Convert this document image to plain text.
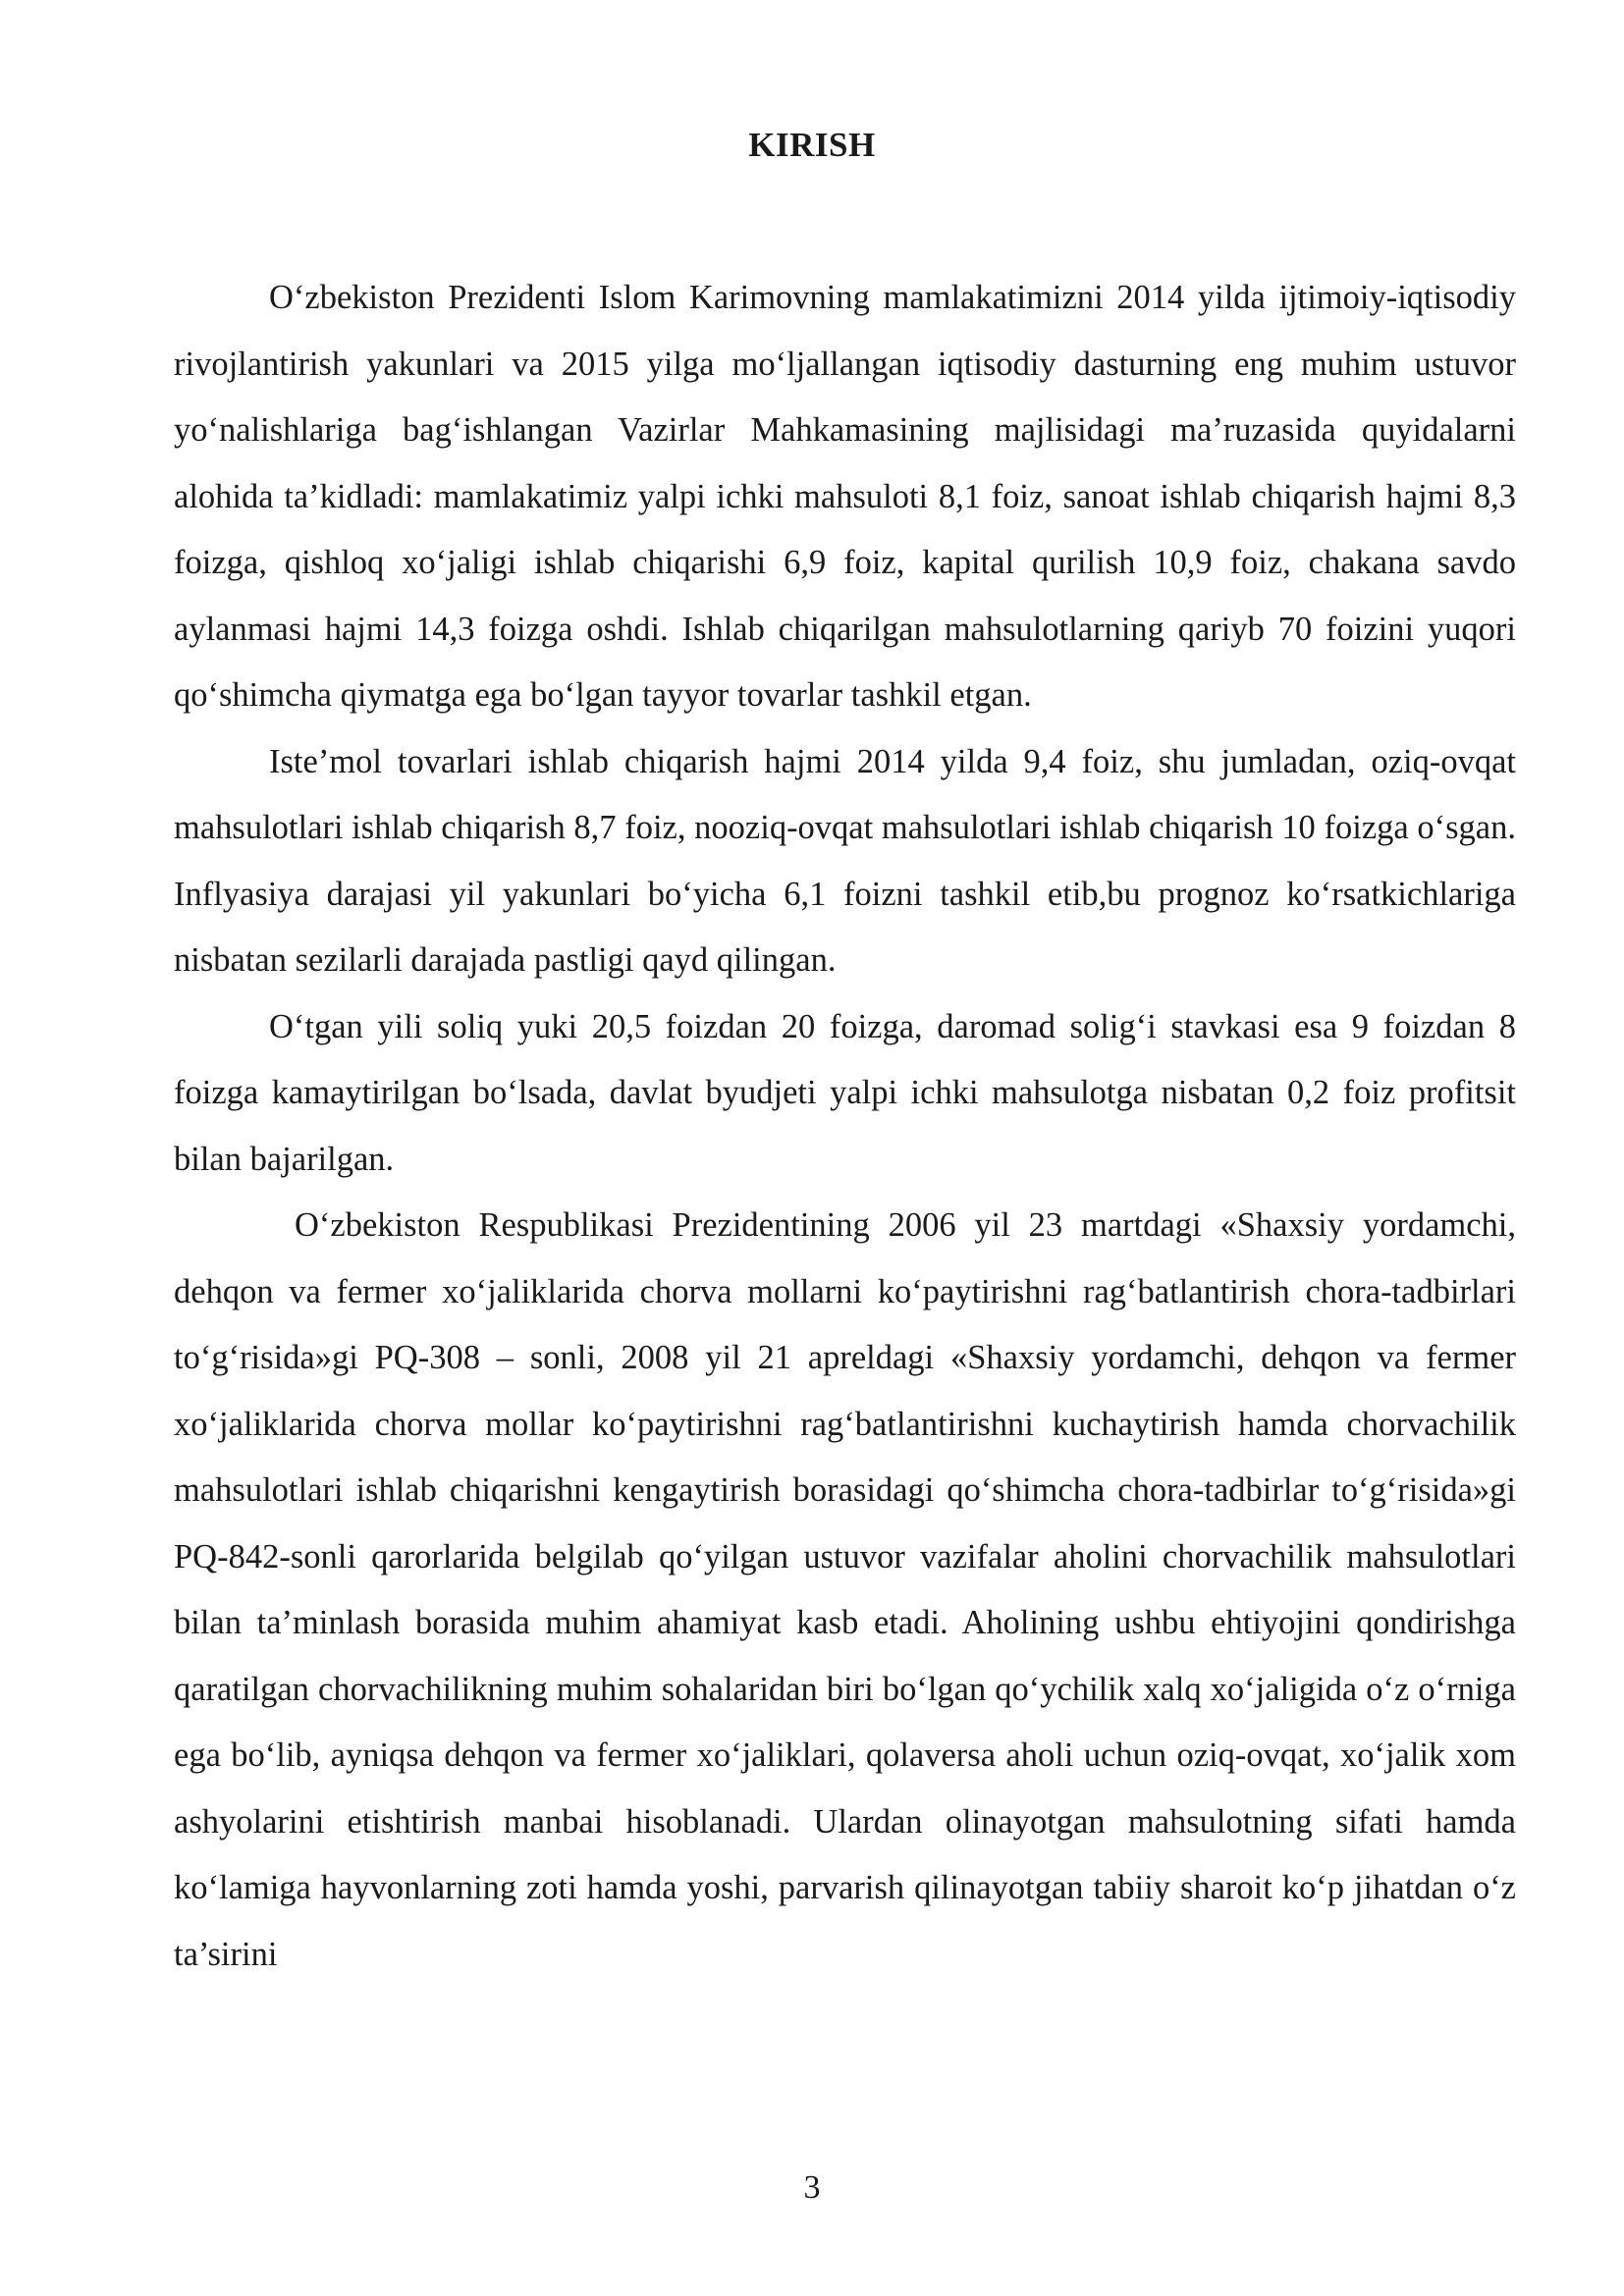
KIRISH

O‘zbekiston Prezidenti Islom Karimovning mamlakatimizni 2014 yilda ijtimoiy-iqtisodiy rivojlantirish yakunlari va 2015 yilga mo‘ljallangan iqtisodiy dasturning eng muhim ustuvor yo‘nalishlariga bag‘ishlangan Vazirlar Mahkamasining majlisidagi ma’ruzasida quyidalarni alohida ta’kidladi: mamlakatimiz yalpi ichki mahsuloti 8,1 foiz, sanoat ishlab chiqarish hajmi 8,3 foizga, qishloq xo‘jaligi ishlab chiqarishi 6,9 foiz, kapital qurilish 10,9 foiz, chakana savdo aylanmasi hajmi 14,3 foizga oshdi. Ishlab chiqarilgan mahsulotlarning qariyb 70 foizini yuqori qo‘shimcha qiymatga ega bo‘lgan tayyor tovarlar tashkil etgan.

Iste’mol tovarlari ishlab chiqarish hajmi 2014 yilda 9,4 foiz, shu jumladan, oziq-ovqat mahsulotlari ishlab chiqarish 8,7 foiz, nooziq-ovqat mahsulotlari ishlab chiqarish 10 foizga o‘sgan. Inflyasiya darajasi yil yakunlari bo‘yicha 6,1 foizni tashkil etib,bu prognoz ko‘rsatkichlariga nisbatan sezilarli darajada pastligi qayd qilingan.

O‘tgan yili soliq yuki 20,5 foizdan 20 foizga, daromad solig‘i stavkasi esa 9 foizdan 8 foizga kamaytirilgan bo‘lsada, davlat byudjeti yalpi ichki mahsulotga nisbatan 0,2 foiz profitsit bilan bajarilgan.

O‘zbekiston Respublikasi Prezidentining 2006 yil 23 martdagi «Shaxsiy yordamchi, dehqon va fermer xo‘jaliklarida chorva mollarni ko‘paytirishni rag‘batlantirish chora-tadbirlari to‘g‘risida»gi PQ-308 – sonli, 2008 yil 21 apreldagi «Shaxsiy yordamchi, dehqon va fermer xo‘jaliklarida chorva mollar ko‘paytirishni rag‘batlantirishni kuchaytirish hamda chorvachilik mahsulotlari ishlab chiqarishni kengaytirish borasidagi qo‘shimcha chora-tadbirlar to‘g‘risida»gi PQ-842-sonli qarorlarida belgilab qo‘yilgan ustuvor vazifalar aholini chorvachilik mahsulotlari bilan ta’minlash borasida muhim ahamiyat kasb etadi. Aholining ushbu ehtiyojini qondirishga qaratilgan chorvachilikning muhim sohalaridan biri bo‘lgan qo‘ychilik xalq xo‘jaligida o‘z o‘rniga ega bo‘lib, ayniqsa dehqon va fermer xo‘jaliklari, qolaversa aholi uchun oziq-ovqat, xo‘jalik xom ashyolarini etishtirish manbai hisoblanadi. Ulardan olinayotgan mahsulotning sifati hamda ko‘lamiga hayvonlarning zoti hamda yoshi, parvarish qilinayotgan tabiiy sharoit ko‘p jihatdan o‘z ta’sirini

3
